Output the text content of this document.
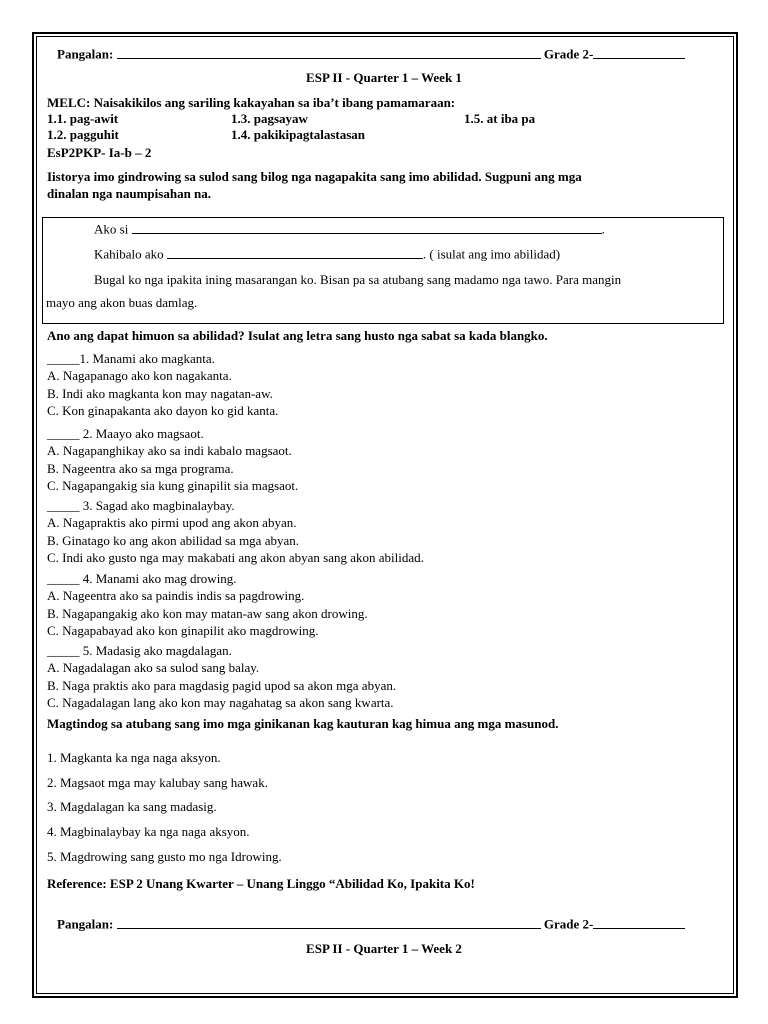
Pangalan:	Grade 2-
ESP II - Quarter 1 – Week 1
MELC: Naisakikilos ang sariling kakayahan sa iba’t ibang pamamaraan:
1.1. pag-awit
1.2. pagguhit
1.3. pagsayaw
1.4. pakikipagtalastasan
1.5. at iba pa
EsP2PKP- Ia-b – 2
Iistorya imo gindrowing sa sulod sang bilog nga nagapakita sang imo abilidad. Sugpuni ang mga
dinalan nga naumpisahan na.
Ako si	.
Kahibalo ako	. ( isulat ang imo abilidad)
Bugal ko nga ipakita ining masarangan ko. Bisan pa sa atubang sang madamo nga tawo. Para mangin
mayo ang akon buas damlag.
Ano ang dapat himuon sa abilidad? Isulat ang letra sang husto nga sabat sa kada blangko.
_____1. Manami ako magkanta.
A. Nagapanago ako kon nagakanta.
B. Indi ako magkanta kon may nagatan-aw.
C. Kon ginapakanta ako dayon ko gid kanta.
_____ 2. Maayo ako magsaot.
A. Nagapanghikay ako sa indi kabalo magsaot.
B. Nageentra ako sa mga programa.
C. Nagapangakig sia kung ginapilit sia magsaot.
_____ 3. Sagad ako magbinalaybay.
A. Nagapraktis ako pirmi upod ang akon abyan.
B. Ginatago ko ang akon abilidad sa mga abyan.
C. Indi ako gusto nga may makabati ang akon abyan sang akon abilidad.
_____ 4. Manami ako mag drowing.
A. Nageentra ako sa paindis indis sa pagdrowing.
B. Nagapangakig ako kon may matan-aw sang akon drowing.
C. Nagapabayad ako kon ginapilit ako magdrowing.
_____ 5. Madasig ako magdalagan.
A. Nagadalagan ako sa sulod sang balay.
B. Naga praktis ako para magdasig pagid upod sa akon mga abyan.
C. Nagadalagan lang ako kon may nagahatag sa akon sang kwarta.
Magtindog sa atubang sang imo mga ginikanan kag kauturan kag himua ang mga masunod.
1. Magkanta ka nga naga aksyon.
2. Magsaot mga may kalubay sang hawak.
3. Magdalagan ka sang madasig.
4. Magbinalaybay ka nga naga aksyon.
5. Magdrowing sang gusto mo nga Idrowing.
Reference: ESP 2 Unang Kwarter – Unang Linggo “Abilidad Ko, Ipakita Ko!
Pangalan:	Grade 2-
ESP II - Quarter 1 – Week 2
